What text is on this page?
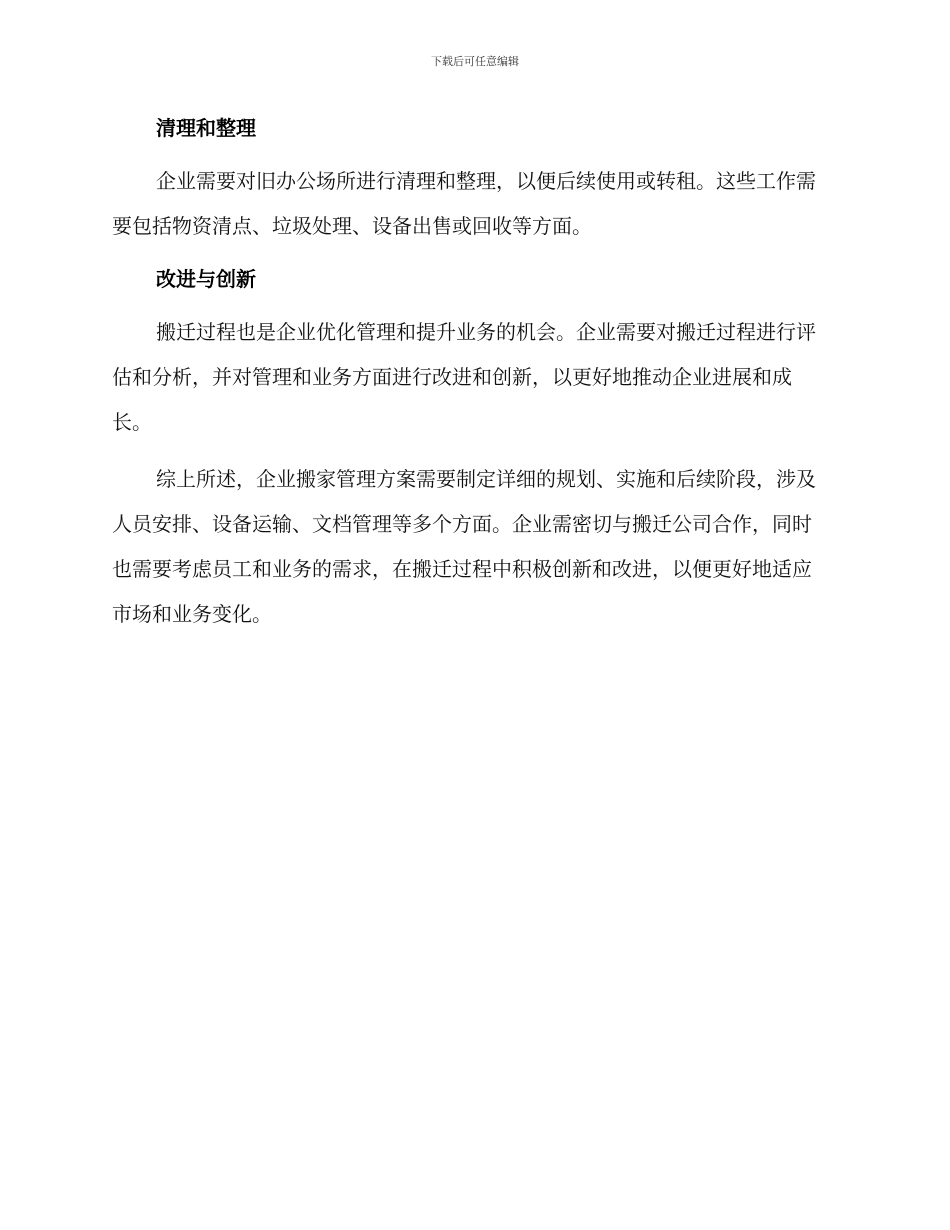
下载后可任意编辑
清理和整理

企业需要对旧办公场所进行清理和整理，以便后续使用或转租。这些工作需要包括物资清点、垃圾处理、设备出售或回收等方面。

改进与创新

搬迁过程也是企业优化管理和提升业务的机会。企业需要对搬迁过程进行评估和分析，并对管理和业务方面进行改进和创新，以更好地推动企业进展和成长。

综上所述，企业搬家管理方案需要制定详细的规划、实施和后续阶段，涉及人员安排、设备运输、文档管理等多个方面。企业需密切与搬迁公司合作，同时也需要考虑员工和业务的需求，在搬迁过程中积极创新和改进，以便更好地适应市场和业务变化。
